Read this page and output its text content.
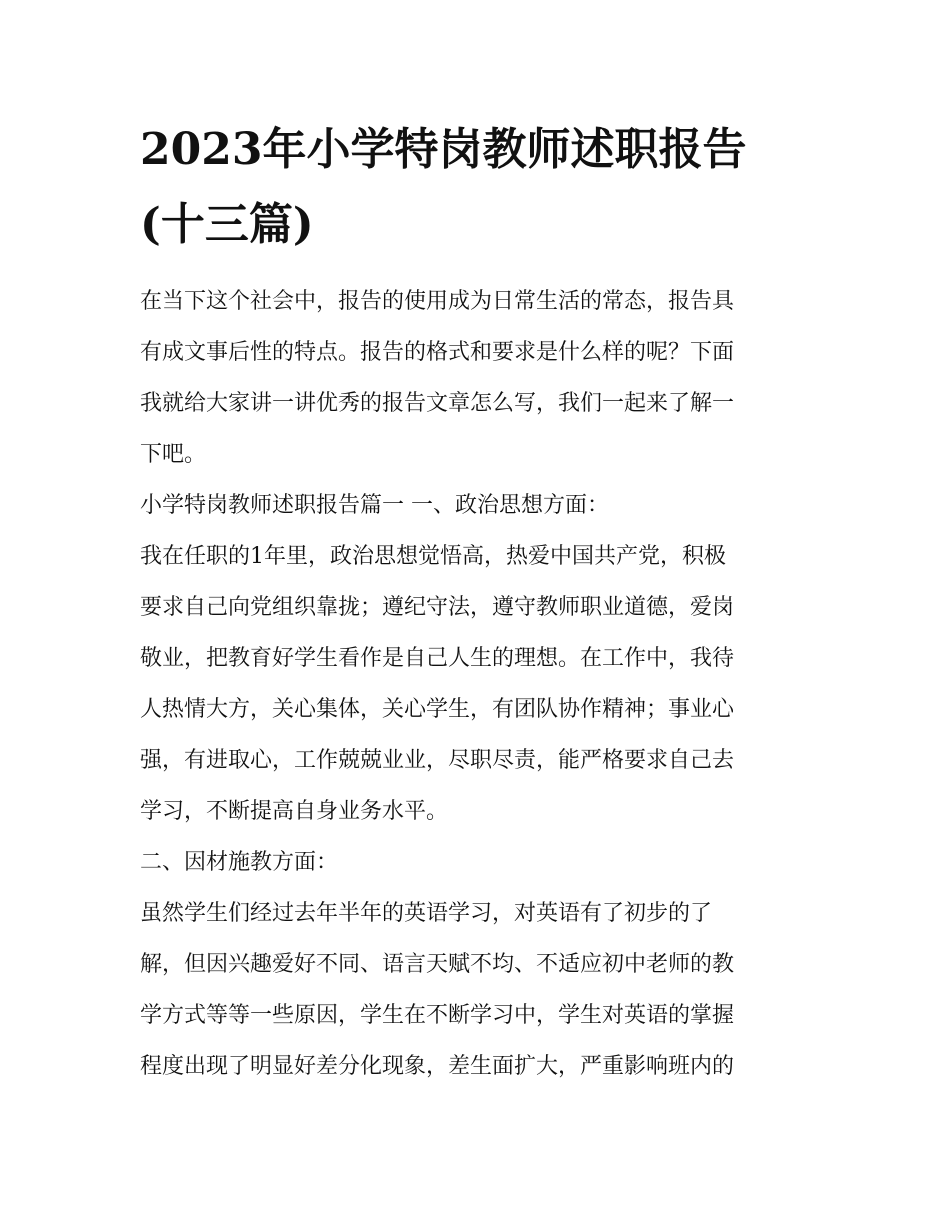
2023年小学特岗教师述职报告
(十三篇)
在当下这个社会中，报告的使用成为日常生活的常态，报告具
有成文事后性的特点。报告的格式和要求是什么样的呢？下面
我就给大家讲一讲优秀的报告文章怎么写，我们一起来了解一
下吧。
小学特岗教师述职报告篇一 一、政治思想方面：
我在任职的1年里，政治思想觉悟高，热爱中国共产党，积极
要求自己向党组织靠拢；遵纪守法，遵守教师职业道德，爱岗
敬业，把教育好学生看作是自己人生的理想。在工作中，我待
人热情大方，关心集体，关心学生，有团队协作精神；事业心
强，有进取心，工作兢兢业业，尽职尽责，能严格要求自己去
学习，不断提高自身业务水平。
二、因材施教方面：
虽然学生们经过去年半年的英语学习，对英语有了初步的了
解，但因兴趣爱好不同、语言天赋不均、不适应初中老师的教
学方式等等一些原因，学生在不断学习中，学生对英语的掌握
程度出现了明显好差分化现象，差生面扩大，严重影响班内的
